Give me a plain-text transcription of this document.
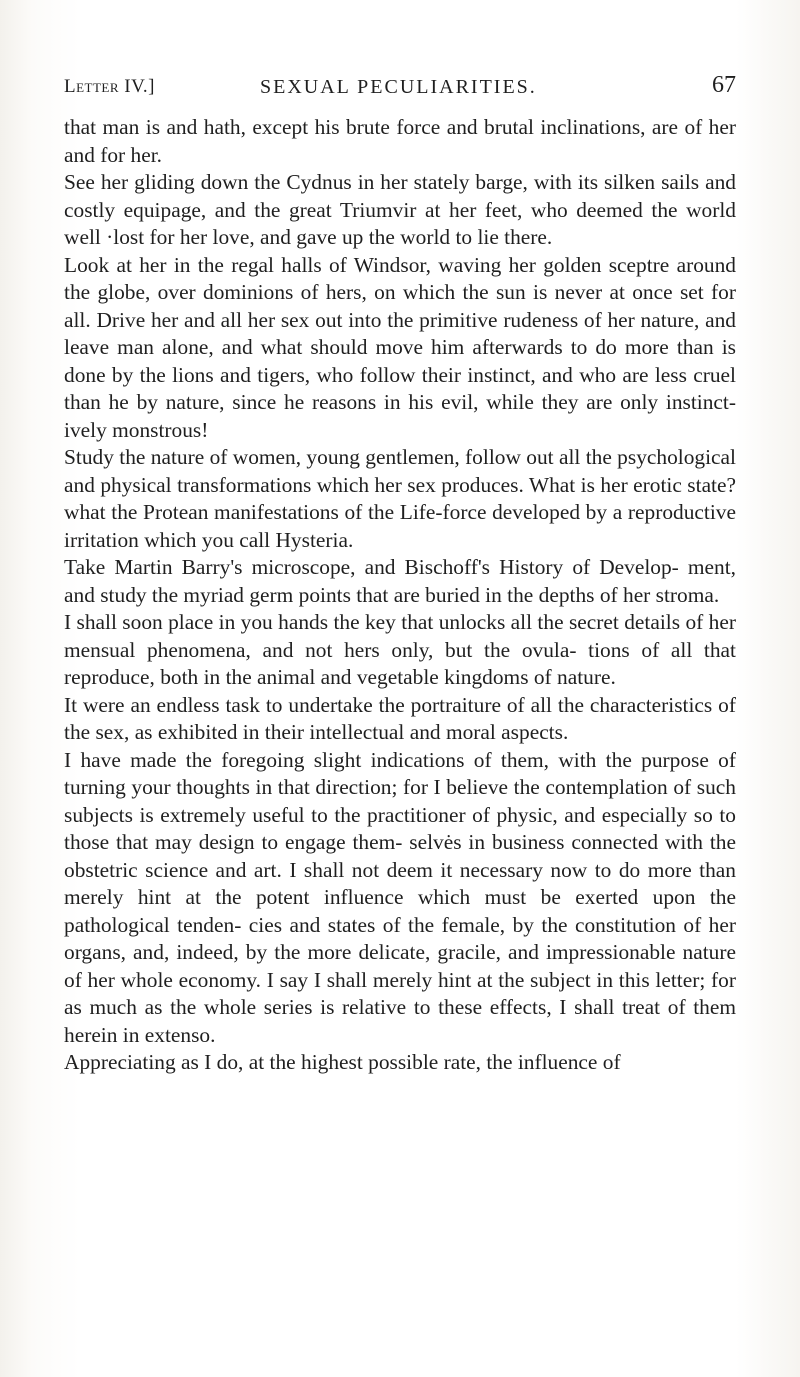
Letter IV.]	SEXUAL PECULIARITIES.	67

that man is and hath, except his brute force and brutal inclinations, are of her and for her.

See her gliding down the Cydnus in her stately barge, with its silken sails and costly equipage, and the great Triumvir at her feet, who deemed the world well ·lost for her love, and gave up the world to lie there.

Look at her in the regal halls of Windsor, waving her golden sceptre around the globe, over dominions of hers, on which the sun is never at once set for all. Drive her and all her sex out into the primitive rudeness of her nature, and leave man alone, and what should move him afterwards to do more than is done by the lions and tigers, who follow their instinct, and who are less cruel than he by nature, since he reasons in his evil, while they are only instinct- ively monstrous!

Study the nature of women, young gentlemen, follow out all the psychological and physical transformations which her sex produces. What is her erotic state? what the Protean manifestations of the Life-force developed by a reproductive irritation which you call Hysteria.

Take Martin Barry's microscope, and Bischoff's History of Develop- ment, and study the myriad germ points that are buried in the depths of her stroma.

I shall soon place in you hands the key that unlocks all the secret details of her mensual phenomena, and not hers only, but the ovula- tions of all that reproduce, both in the animal and vegetable kingdoms of nature.

It were an endless task to undertake the portraiture of all the characteristics of the sex, as exhibited in their intellectual and moral aspects.

I have made the foregoing slight indications of them, with the purpose of turning your thoughts in that direction; for I believe the contemplation of such subjects is extremely useful to the practitioner of physic, and especially so to those that may design to engage them- selvės in business connected with the obstetric science and art. I shall not deem it necessary now to do more than merely hint at the potent influence which must be exerted upon the pathological tenden- cies and states of the female, by the constitution of her organs, and, indeed, by the more delicate, gracile, and impressionable nature of her whole economy. I say I shall merely hint at the subject in this letter; for as much as the whole series is relative to these effects, I shall treat of them herein in extenso.

Appreciating as I do, at the highest possible rate, the influence of
